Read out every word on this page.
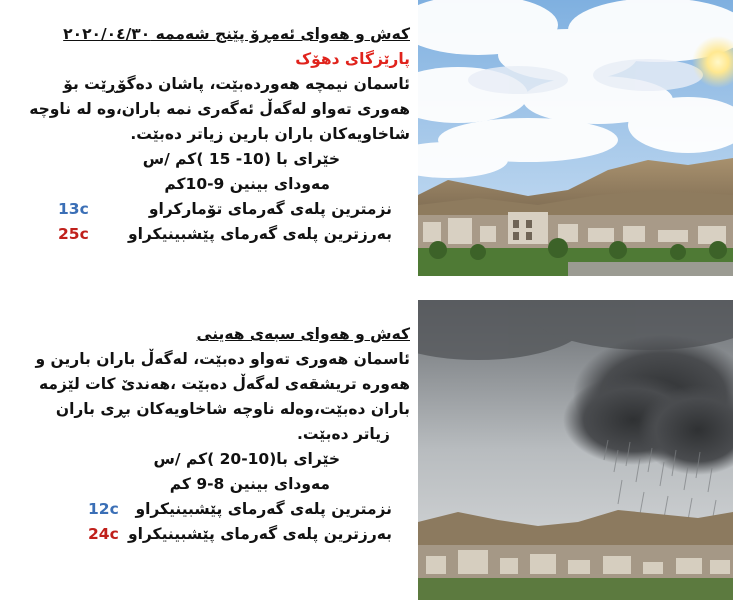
کەش و هەوای ئەمڕۆ پێنج شەممە ٢٠٢٠/٠٤/٣٠
پارێزگای دهۆک
ئاسمان نیمچە هەوردەبێت، پاشان دەگۆڕێت بۆ
هەوری تەواو لەگەڵ ئەگەری نمە باران،وە لە ناوچە
شاخاویەکان باران بارین زیاتر دەبێت.
خێرای با (10- 15 )کم /س
مەودای بینین 9-10کم
نزمترین پلەی گەرمای تۆمارکراو
13c
بەرزترین پلەی گەرمای پێشبینیکراو
25c
کەش و هەوای سبەی هەینی
ئاسمان هەوری تەواو دەبێت، لەگەڵ باران بارین و
هەورە تریشقەی لەگەڵ دەبێت ،هەندێ کات لێزمە
باران دەبێت،وەلە ناوچە شاخاویەکان بڕی باران
زیاتر دەبێت.
خێرای با(10-20 )کم /س
مەودای بینین 8-9 کم
نزمترین پلەی گەرمای پێشبینیکراو
12c
بەرزترین پلەی گەرمای پێشبینیکراو
24c
